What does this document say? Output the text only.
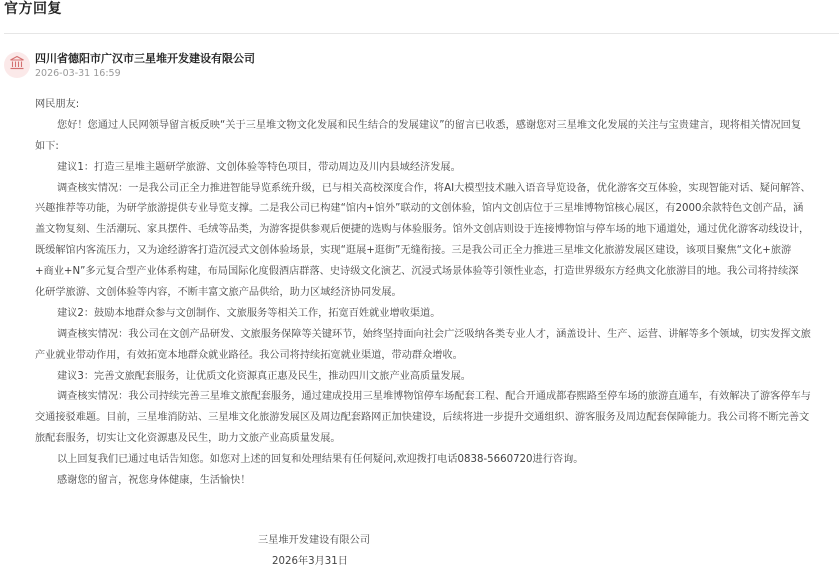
官方回复
四川省德阳市广汉市三星堆开发建设有限公司
2026-03-31 16:59
网民朋友:
您好！您通过人民网领导留言板反映“关于三星堆文物文化发展和民生结合的发展建议”的留言已收悉，感谢您对三星堆文化发展的关注与宝贵建言，现将相关情况回复
如下:
建议1：打造三星堆主题研学旅游、文创体验等特色项目，带动周边及川内县域经济发展。
调查核实情况：一是我公司正全力推进智能导览系统升级，已与相关高校深度合作，将AI大模型技术融入语音导览设备，优化游客交互体验，实现智能对话、疑问解答、
兴趣推荐等功能，为研学旅游提供专业导览支撑。二是我公司已构建“馆内+馆外”联动的文创体验，馆内文创店位于三星堆博物馆核心展区，有2000余款特色文创产品，涵
盖文物复刻、生活潮玩、家具摆件、毛绒等品类，为游客提供参观后便捷的选购与体验服务。馆外文创店则设于连接博物馆与停车场的地下通道处，通过优化游客动线设计，
既缓解馆内客流压力，又为途经游客打造沉浸式文创体验场景，实现“逛展+逛街”无缝衔接。三是我公司正全力推进三星堆文化旅游发展区建设，该项目聚焦“文化+旅游
+商业+N”多元复合型产业体系构建，布局国际化度假酒店群落、史诗级文化演艺、沉浸式场景体验等引领性业态，打造世界级东方经典文化旅游目的地。我公司将持续深
化研学旅游、文创体验等内容，不断丰富文旅产品供给，助力区域经济协同发展。
建议2：鼓励本地群众参与文创制作、文旅服务等相关工作，拓宽百姓就业增收渠道。
调查核实情况：我公司在文创产品研发、文旅服务保障等关键环节，始终坚持面向社会广泛吸纳各类专业人才，涵盖设计、生产、运营、讲解等多个领域，切实发挥文旅
产业就业带动作用，有效拓宽本地群众就业路径。我公司将持续拓宽就业渠道，带动群众增收。
建议3：完善文旅配套服务，让优质文化资源真正惠及民生，推动四川文旅产业高质量发展。
调查核实情况：我公司持续完善三星堆文旅配套服务，通过建成投用三星堆博物馆停车场配套工程、配合开通成都春熙路至停车场的旅游直通车，有效解决了游客停车与
交通接驳难题。目前，三星堆消防站、三星堆文化旅游发展区及周边配套路网正加快建设，后续将进一步提升交通组织、游客服务及周边配套保障能力。我公司将不断完善文
旅配套服务，切实让文化资源惠及民生，助力文旅产业高质量发展。
以上回复我们已通过电话告知您。如您对上述的回复和处理结果有任何疑问,欢迎拨打电话0838-5660720进行咨询。
感谢您的留言，祝您身体健康，生活愉快！
三星堆开发建设有限公司
2026年3月31日
